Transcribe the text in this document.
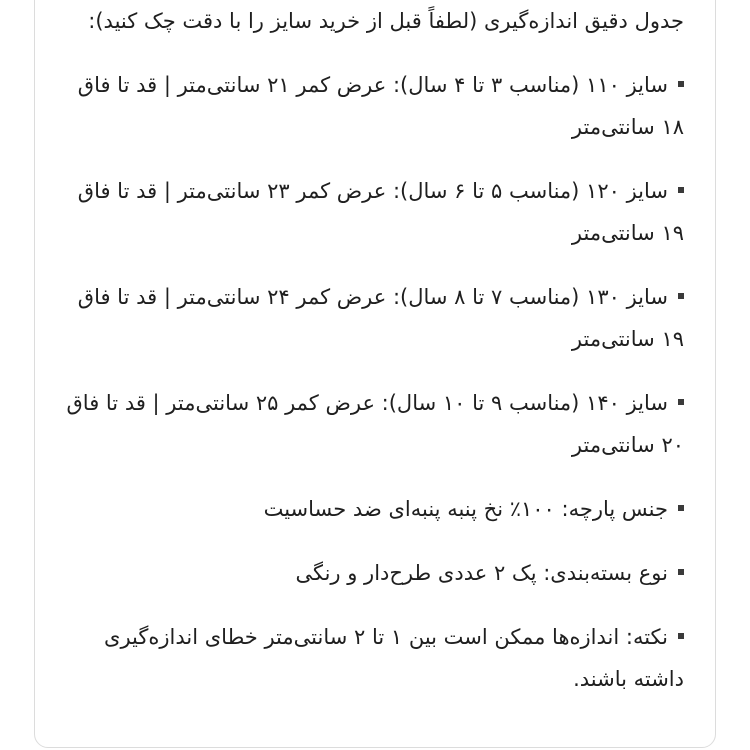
جدول دقیق اندازه‌گیری (لطفاً قبل از خرید سایز را با دقت چک کنید):
سایز ۱۱۰ (مناسب ۳ تا ۴ سال): عرض کمر ۲۱ سانتی‌متر | قد تا فاق ۱۸ سانتی‌متر
سایز ۱۲۰ (مناسب ۵ تا ۶ سال): عرض کمر ۲۳ سانتی‌متر | قد تا فاق ۱۹ سانتی‌متر
سایز ۱۳۰ (مناسب ۷ تا ۸ سال): عرض کمر ۲۴ سانتی‌متر | قد تا فاق ۱۹ سانتی‌متر
سایز ۱۴۰ (مناسب ۹ تا ۱۰ سال): عرض کمر ۲۵ سانتی‌متر | قد تا فاق ۲۰ سانتی‌متر
جنس پارچه: ۱۰۰٪ نخ پنبه پنبه‌ای ضد حساسیت
نوع بسته‌بندی: پک ۲ عددی طرح‌دار و رنگی
نکته: اندازه‌ها ممکن است بین ۱ تا ۲ سانتی‌متر خطای اندازه‌گیری داشته باشند.
